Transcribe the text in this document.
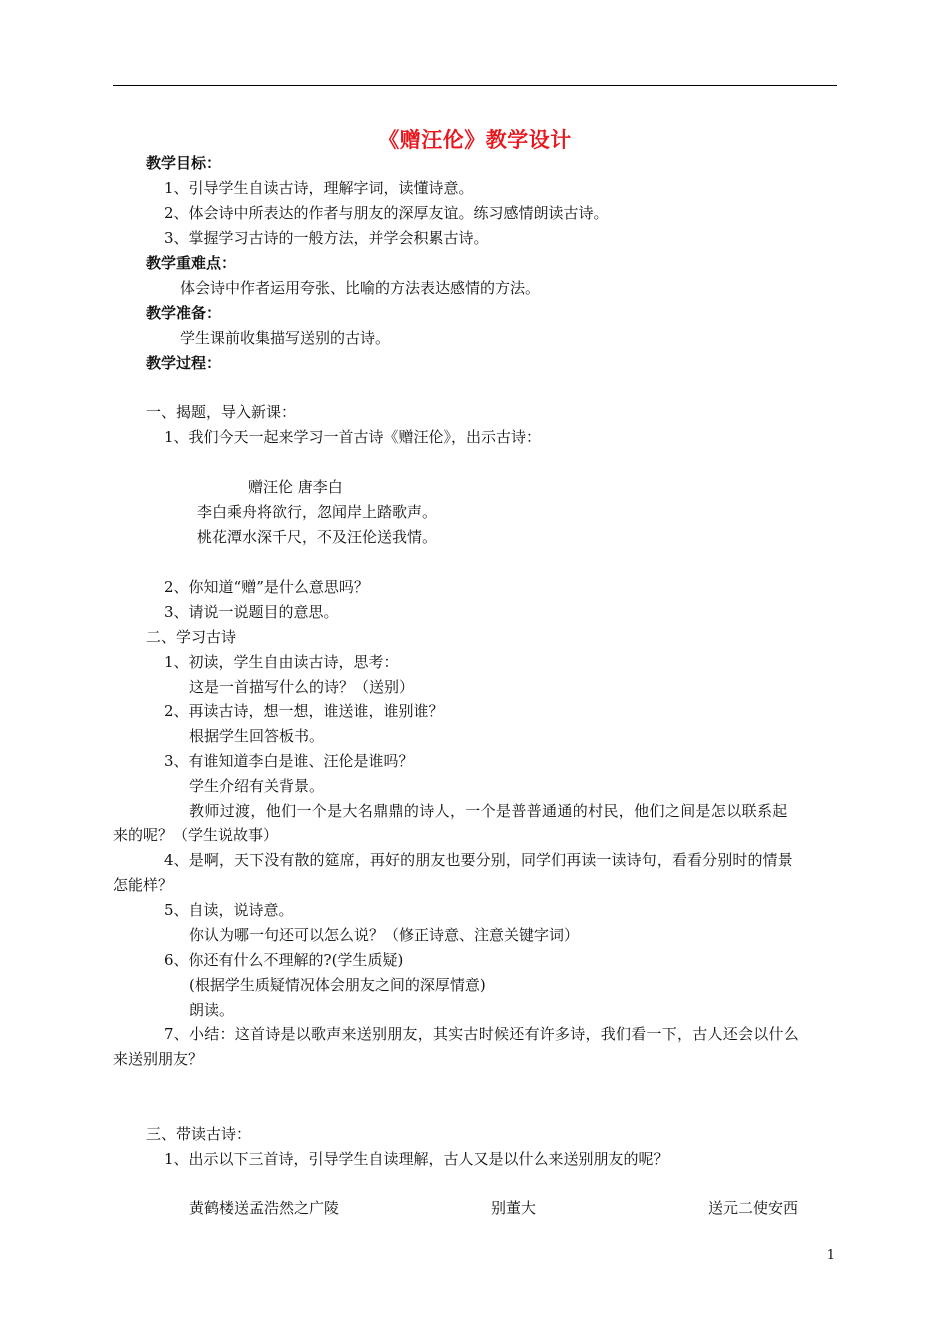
《赠汪伦》教学设计
教学目标：
1、引导学生自读古诗，理解字词，读懂诗意。
2、体会诗中所表达的作者与朋友的深厚友谊。练习感情朗读古诗。
3、掌握学习古诗的一般方法，并学会积累古诗。
教学重难点：
体会诗中作者运用夸张、比喻的方法表达感情的方法。
教学准备：
学生课前收集描写送别的古诗。
教学过程：
一、揭题，导入新课：
1、我们今天一起来学习一首古诗《赠汪伦》，出示古诗：
赠汪伦 唐李白
李白乘舟将欲行，忽闻岸上踏歌声。
桃花潭水深千尺，不及汪伦送我情。
2、你知道“赠”是什么意思吗？
3、请说一说题目的意思。
二、学习古诗
1、初读，学生自由读古诗，思考：
这是一首描写什么的诗？（送别）
2、再读古诗，想一想，谁送谁，谁别谁？
根据学生回答板书。
3、有谁知道李白是谁、汪伦是谁吗？
学生介绍有关背景。
教师过渡，他们一个是大名鼎鼎的诗人，一个是普普通通的村民，他们之间是怎以联系起
来的呢？（学生说故事）
4、是啊，天下没有散的筵席，再好的朋友也要分别，同学们再读一读诗句，看看分别时的情景
怎能样？
5、自读，说诗意。
你认为哪一句还可以怎么说？（修正诗意、注意关键字词）
6、你还有什么不理解的?(学生质疑)
(根据学生质疑情况体会朋友之间的深厚情意)
朗读。
7、小结：这首诗是以歌声来送别朋友，其实古时候还有许多诗，我们看一下，古人还会以什么
来送别朋友？
三、带读古诗：
1、出示以下三首诗，引导学生自读理解，古人又是以什么来送别朋友的呢？
黄鹤楼送孟浩然之广陵	别董大	送元二使安西
1
